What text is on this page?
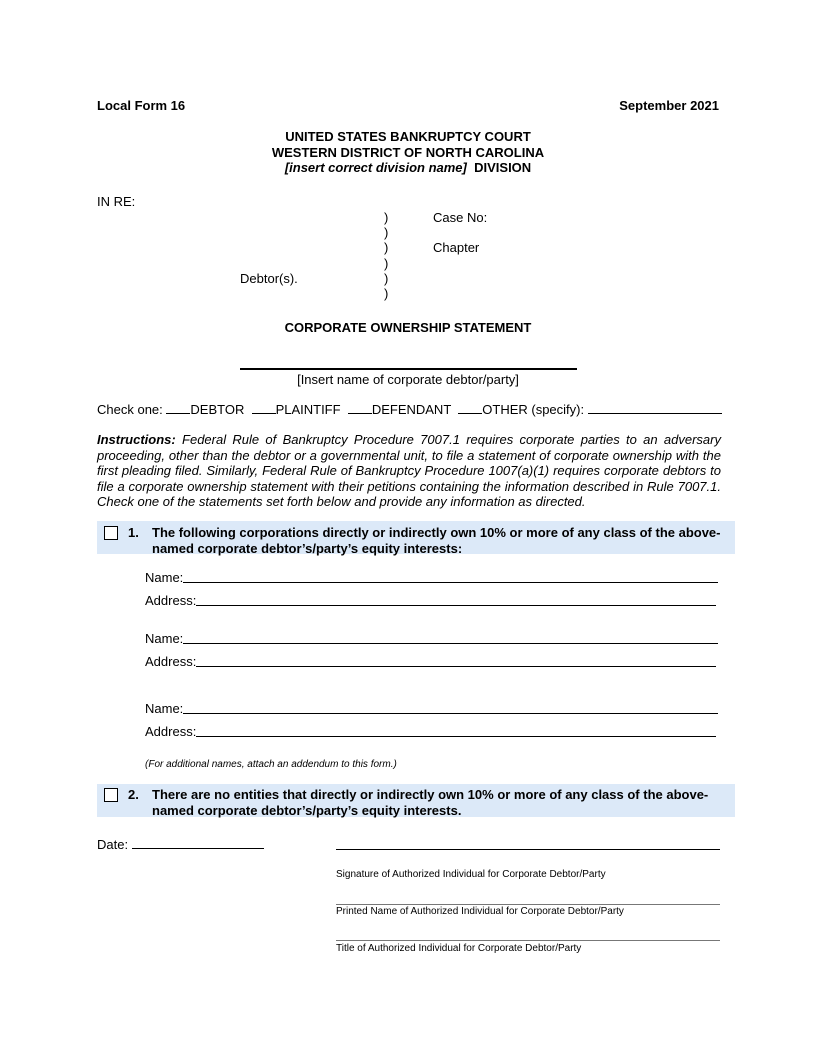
Local Form 16	September 2021
UNITED STATES BANKRUPTCY COURT
WESTERN DISTRICT OF NORTH CAROLINA
[insert correct division name] DIVISION
IN RE:
)
)
)
)
)
)
Case No:
Chapter
Debtor(s).
CORPORATE OWNERSHIP STATEMENT
[Insert name of corporate debtor/party]
Check one: DEBTOR PLAINTIFF DEFENDANT OTHER (specify):
Instructions: Federal Rule of Bankruptcy Procedure 7007.1 requires corporate parties to an adversary proceeding, other than the debtor or a governmental unit, to file a statement of corporate ownership with the first pleading filed. Similarly, Federal Rule of Bankruptcy Procedure 1007(a)(1) requires corporate debtors to file a corporate ownership statement with their petitions containing the information described in Rule 7007.1. Check one of the statements set forth below and provide any information as directed.
1. The following corporations directly or indirectly own 10% or more of any class of the above-named corporate debtor’s/party’s equity interests:
Name:
Address:
Name:
Address:
Name:
Address:
(For additional names, attach an addendum to this form.)
2. There are no entities that directly or indirectly own 10% or more of any class of the above-named corporate debtor’s/party’s equity interests.
Date:
Signature of Authorized Individual for Corporate Debtor/Party
Printed Name of Authorized Individual for Corporate Debtor/Party
Title of Authorized Individual for Corporate Debtor/Party
